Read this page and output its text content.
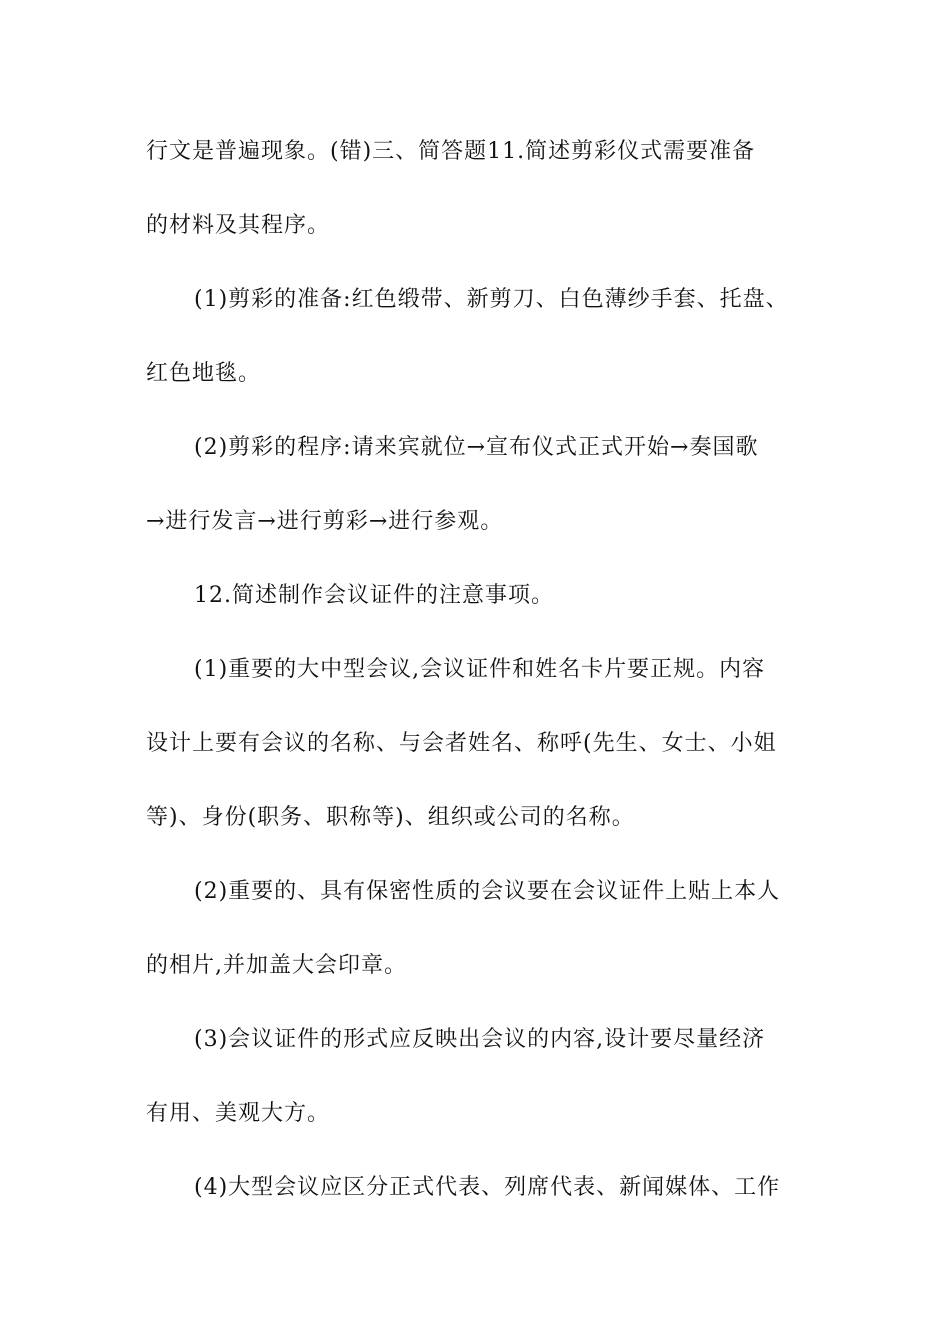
行文是普遍现象。(错)三、简答题11.简述剪彩仪式需要准备
的材料及其程序。
(1)剪彩的准备:红色缎带、新剪刀、白色薄纱手套、托盘、
红色地毯。
(2)剪彩的程序:请来宾就位→宣布仪式正式开始→奏国歌
→进行发言→进行剪彩→进行参观。
12.简述制作会议证件的注意事项。
(1)重要的大中型会议,会议证件和姓名卡片要正规。内容
设计上要有会议的名称、与会者姓名、称呼(先生、女士、小姐
等)、身份(职务、职称等)、组织或公司的名称。
(2)重要的、具有保密性质的会议要在会议证件上贴上本人
的相片,并加盖大会印章。
(3)会议证件的形式应反映出会议的内容,设计要尽量经济
有用、美观大方。
(4)大型会议应区分正式代表、列席代表、新闻媒体、工作
